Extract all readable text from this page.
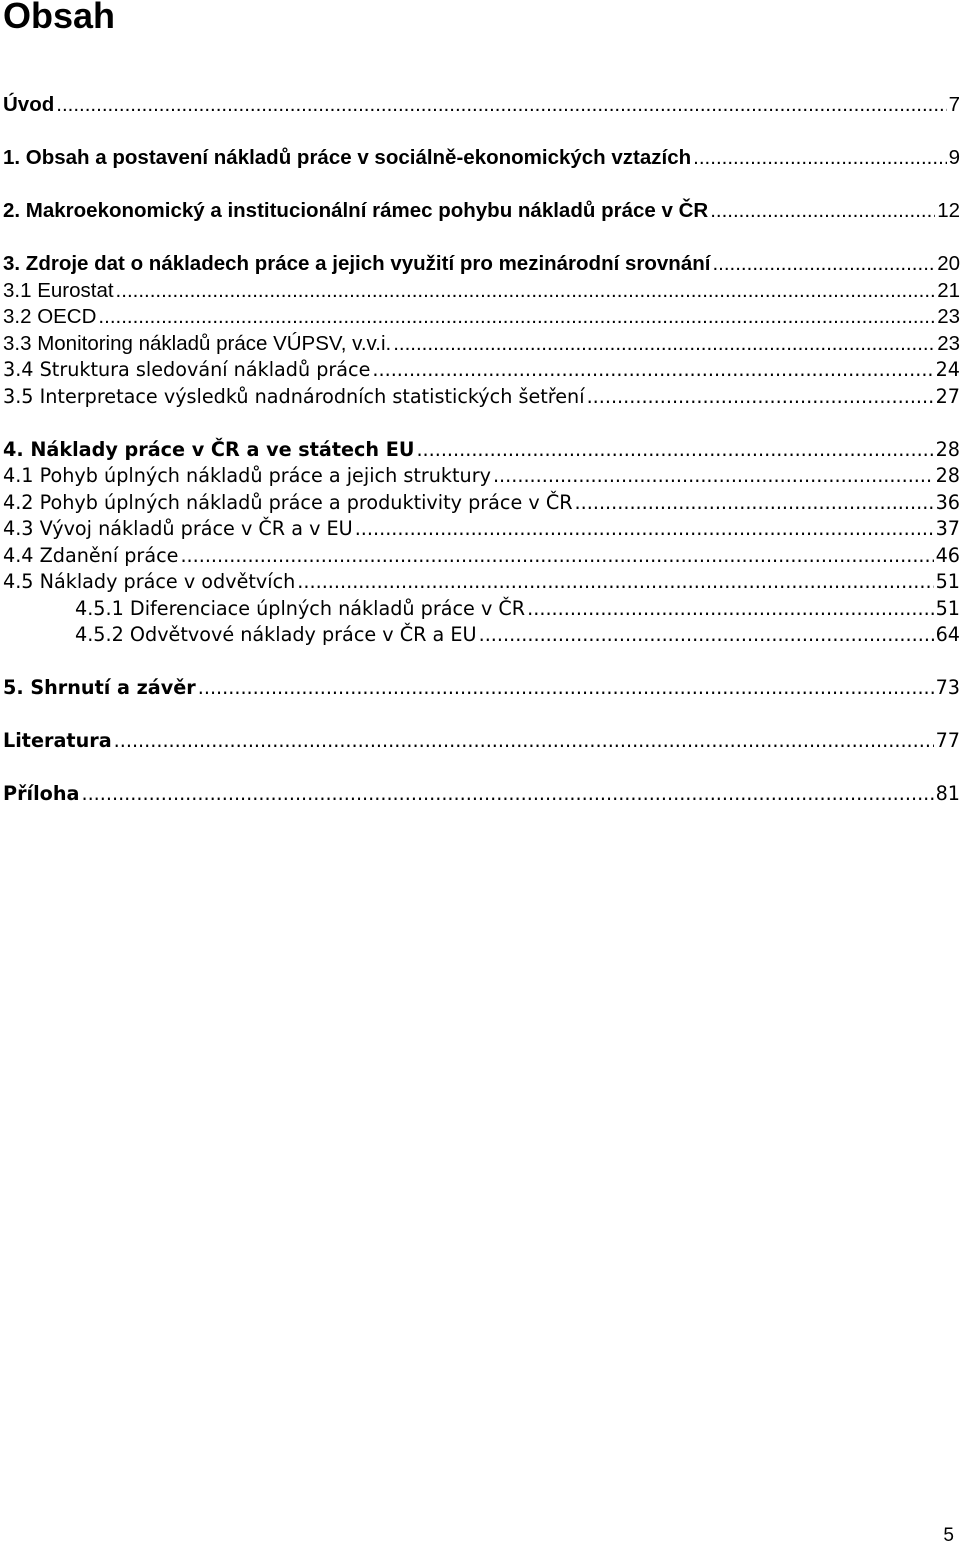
Obsah
Úvod .....	7
1. Obsah a postavení nákladů práce v sociálně-ekonomických vztazích .....	9
2. Makroekonomický a institucionální rámec pohybu nákladů práce v ČR .....	12
3. Zdroje dat o nákladech práce a jejich využití pro mezinárodní srovnání .....	20
3.1 Eurostat .....	21
3.2 OECD .....	23
3.3 Monitoring nákladů práce VÚPSV, v.v.i. .....	23
3.4 Struktura sledování nákladů práce .....	24
3.5 Interpretace výsledků nadnárodních statistických šetření .....	27
4. Náklady práce v ČR a ve státech EU .....	28
4.1 Pohyb úplných nákladů práce a jejich struktury .....	28
4.2 Pohyb úplných nákladů práce a produktivity práce v ČR .....	36
4.3 Vývoj nákladů práce v ČR a v EU .....	37
4.4 Zdanění práce .....	46
4.5 Náklady práce v odvětvích .....	51
4.5.1 Diferenciace úplných nákladů práce v ČR .....	51
4.5.2 Odvětvové náklady práce v ČR a EU .....	64
5. Shrnutí a závěr .....	73
Literatura .....	77
Příloha .....	81
5
